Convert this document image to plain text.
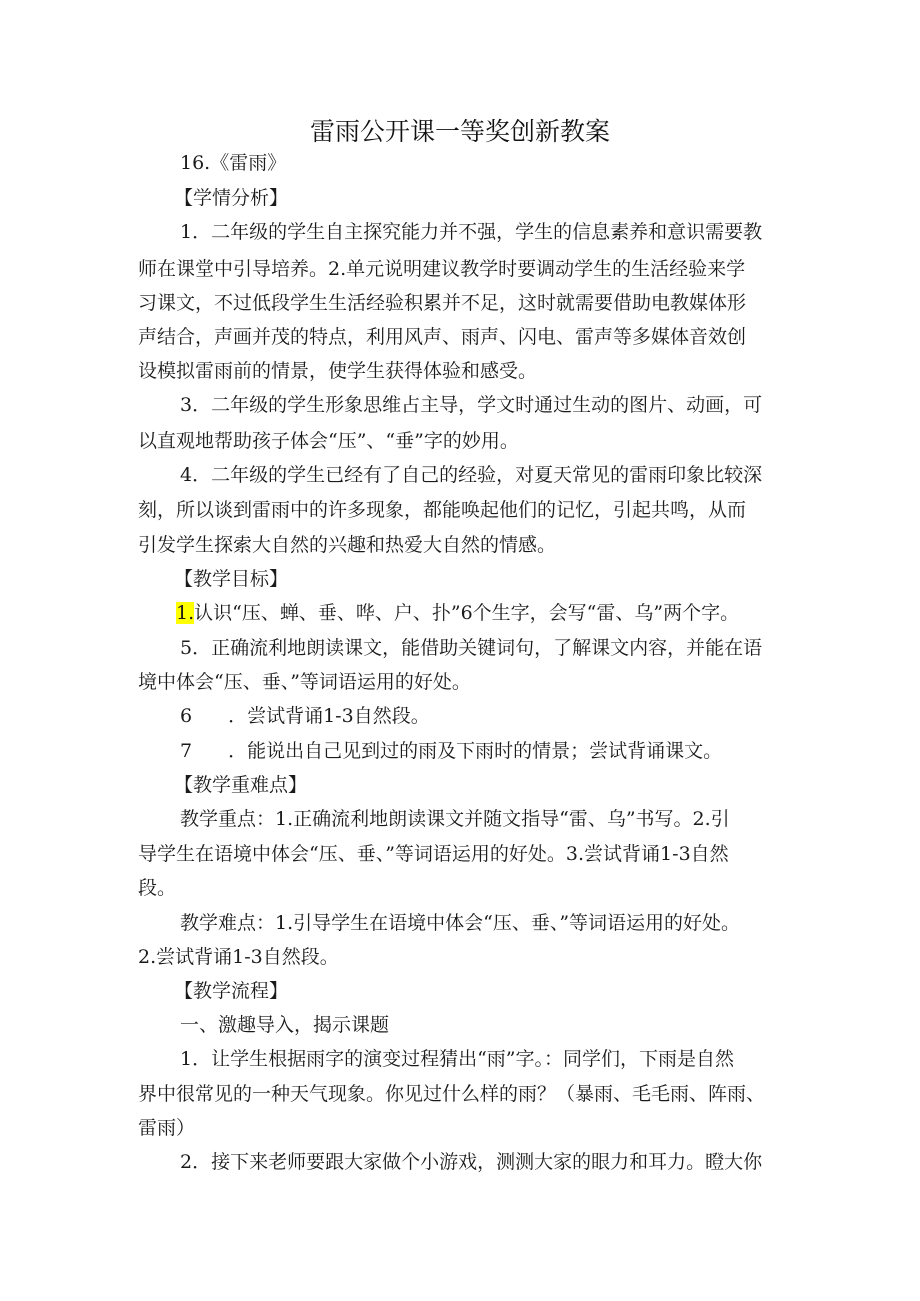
雷雨公开课一等奖创新教案
16.《雷雨》
【学情分析】
1．二年级的学生自主探究能力并不强，学生的信息素养和意识需要教
师在课堂中引导培养。2.单元说明建议教学时要调动学生的生活经验来学
习课文，不过低段学生生活经验积累并不足，这时就需要借助电教媒体形
声结合，声画并茂的特点，利用风声、雨声、闪电、雷声等多媒体音效创
设模拟雷雨前的情景，使学生获得体验和感受。
3．二年级的学生形象思维占主导，学文时通过生动的图片、动画，可
以直观地帮助孩子体会“压”、“垂”字的妙用。
4．二年级的学生已经有了自己的经验，对夏天常见的雷雨印象比较深
刻，所以谈到雷雨中的许多现象，都能唤起他们的记忆，引起共鸣，从而
引发学生探索大自然的兴趣和热爱大自然的情感。
【教学目标】
1.认识“压、蝉、垂、哗、户、扑”6个生字，会写“雷、乌”两个字。
5．正确流利地朗读课文，能借助关键词句，了解课文内容，并能在语
境中体会“压、垂、”等词语运用的好处。
6 ．尝试背诵1-3自然段。
7 ．能说出自己见到过的雨及下雨时的情景；尝试背诵课文。
【教学重难点】
教学重点：1.正确流利地朗读课文并随文指导“雷、乌”书写。2.引
导学生在语境中体会“压、垂、”等词语运用的好处。3.尝试背诵1-3自然
段。
教学难点：1.引导学生在语境中体会“压、垂、”等词语运用的好处。
2.尝试背诵1-3自然段。
【教学流程】
一、激趣导入，揭示课题
1．让学生根据雨字的演变过程猜出“雨”字。：同学们，下雨是自然
界中很常见的一种天气现象。你见过什么样的雨？（暴雨、毛毛雨、阵雨、
雷雨）
2．接下来老师要跟大家做个小游戏，测测大家的眼力和耳力。瞪大你
